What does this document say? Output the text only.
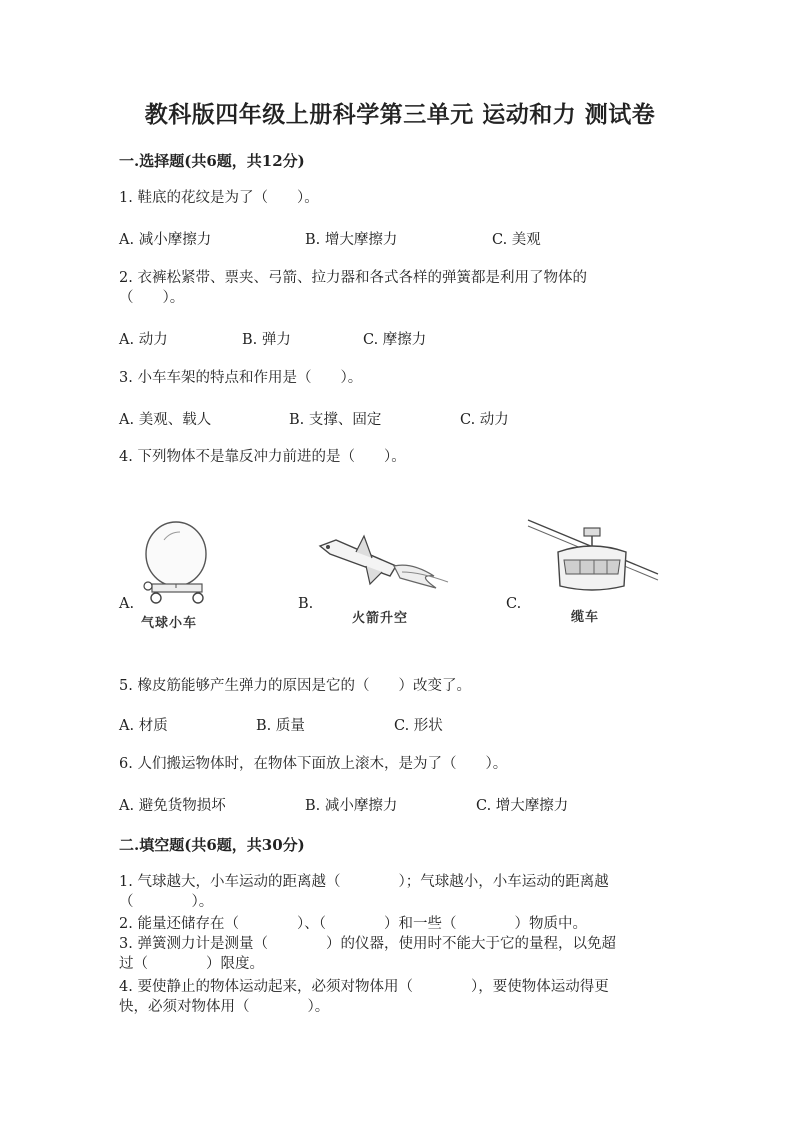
教科版四年级上册科学第三单元 运动和力 测试卷
一.选择题(共6题，共12分)
1. 鞋底的花纹是为了（　　）。
A. 减小摩擦力	B. 增大摩擦力	C. 美观
2. 衣裤松紧带、票夹、弓箭、拉力器和各式各样的弹簧都是利用了物体的
（　　）。
A. 动力	B. 弹力	C. 摩擦力
3. 小车车架的特点和作用是（　　）。
A. 美观、载人	B. 支撑、固定	C. 动力
4. 下列物体不是靠反冲力前进的是（　　）。
A.
气球小车
B.
火箭升空
C.
缆车
5. 橡皮筋能够产生弹力的原因是它的（　　）改变了。
A. 材质	B. 质量	C. 形状
6. 人们搬运物体时，在物体下面放上滚木，是为了（　　）。
A. 避免货物损坏	B. 减小摩擦力	C. 增大摩擦力
二.填空题(共6题，共30分)
1. 气球越大，小车运动的距离越（　　　　）；气球越小，小车运动的距离越
（　　　　）。
2. 能量还储存在（　　　　）、（　　　　）和一些（　　　　）物质中。
3. 弹簧测力计是测量（　　　　）的仪器，使用时不能大于它的量程，以免超
过（　　　　）限度。
4. 要使静止的物体运动起来，必须对物体用（　　　　），要使物体运动得更
快，必须对物体用（　　　　）。
